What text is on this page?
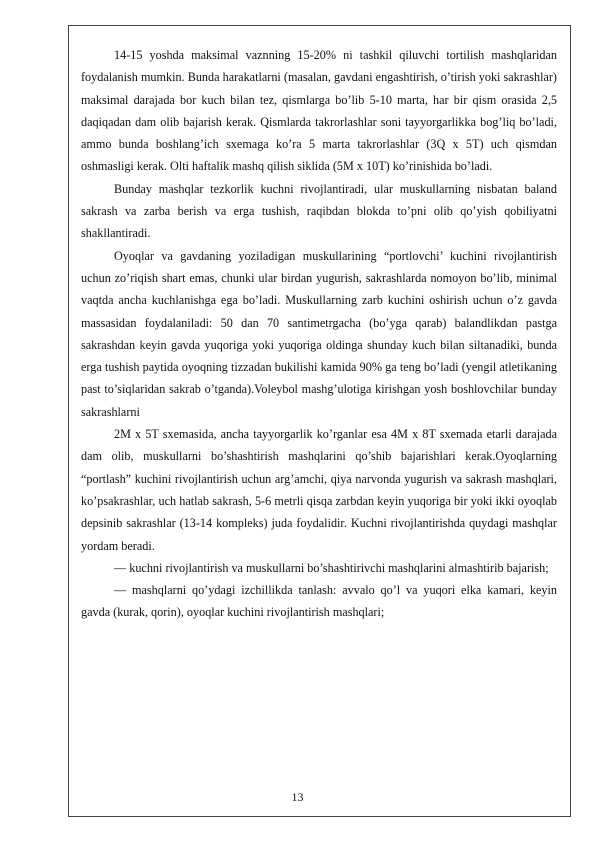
14-15 yoshda maksimal vaznning 15-20% ni tashkil qiluvchi tortilish mashqlaridan foydalanish mumkin. Bunda harakatlarni (masalan, gavdani engashtirish, o’tirish yoki sakrashlar) maksimal darajada bor kuch bilan tez, qismlarga bo’lib 5-10 marta, har bir qism orasida 2,5 daqiqadan dam olib bajarish kerak. Qismlarda takrorlashlar soni tayyorgarlikka bog’liq bo’ladi, ammo bunda boshlang’ich sxemaga ko’ra 5 marta takrorlashlar (3Q x 5T) uch qismdan oshmasligi kerak. Olti haftalik mashq qilish siklida (5M x 10T) ko’rinishida bo’ladi.

Bunday mashqlar tezkorlik kuchni rivojlantiradi, ular muskullarning nisbatan baland sakrash va zarba berish va erga tushish, raqibdan blokda to’pni olib qo’yish qobiliyatni shakllantiradi.

Oyoqlar va gavdaning yoziladigan muskullarining “portlovchi’ kuchini rivojlantirish uchun zo’riqish shart emas, chunki ular birdan yugurish, sakrashlarda nomoyon bo’lib, minimal vaqtda ancha kuchlanishga ega bo’ladi. Muskullarning zarb kuchini oshirish uchun o’z gavda massasidan foydalaniladi: 50 dan 70 santimetrgacha (bo’yga qarab) balandlikdan pastga sakrashdan keyin gavda yuqoriga yoki yuqoriga oldinga shunday kuch bilan siltanadiki, bunda erga tushish paytida oyoqning tizzadan bukilishi kamida 90% ga teng bo’ladi (yengil atletikaning past to’siqlaridan sakrab o’tganda).Voleybol mashg’ulotiga kirishgan yosh boshlovchilar bunday sakrashlarni

2M x 5T sxemasida, ancha tayyorgarlik ko’rganlar esa 4M x 8T sxemada etarli darajada dam olib, muskullarni bo’shashtirish mashqlarini qo’shib bajarishlari kerak.Oyoqlarning “portlash” kuchini rivojlantirish uchun arg’amchi, qiya narvonda yugurish va sakrash mashqlari, ko’psakrashlar, uch hatlab sakrash, 5-6 metrli qisqa zarbdan keyin yuqoriga bir yoki ikki oyoqlab depsinib sakrashlar (13-14 kompleks) juda foydalidir. Kuchni rivojlantirishda quydagi mashqlar yordam beradi.

— kuchni rivojlantirish va muskullarni bo’shashtirivchi mashqlarini almashtirib bajarish;

— mashqlarni qo’ydagi izchillikda tanlash: avvalo qo’l va yuqori elka kamari, keyin gavda (kurak, qorin), oyoqlar kuchini rivojlantirish mashqlari;

13
